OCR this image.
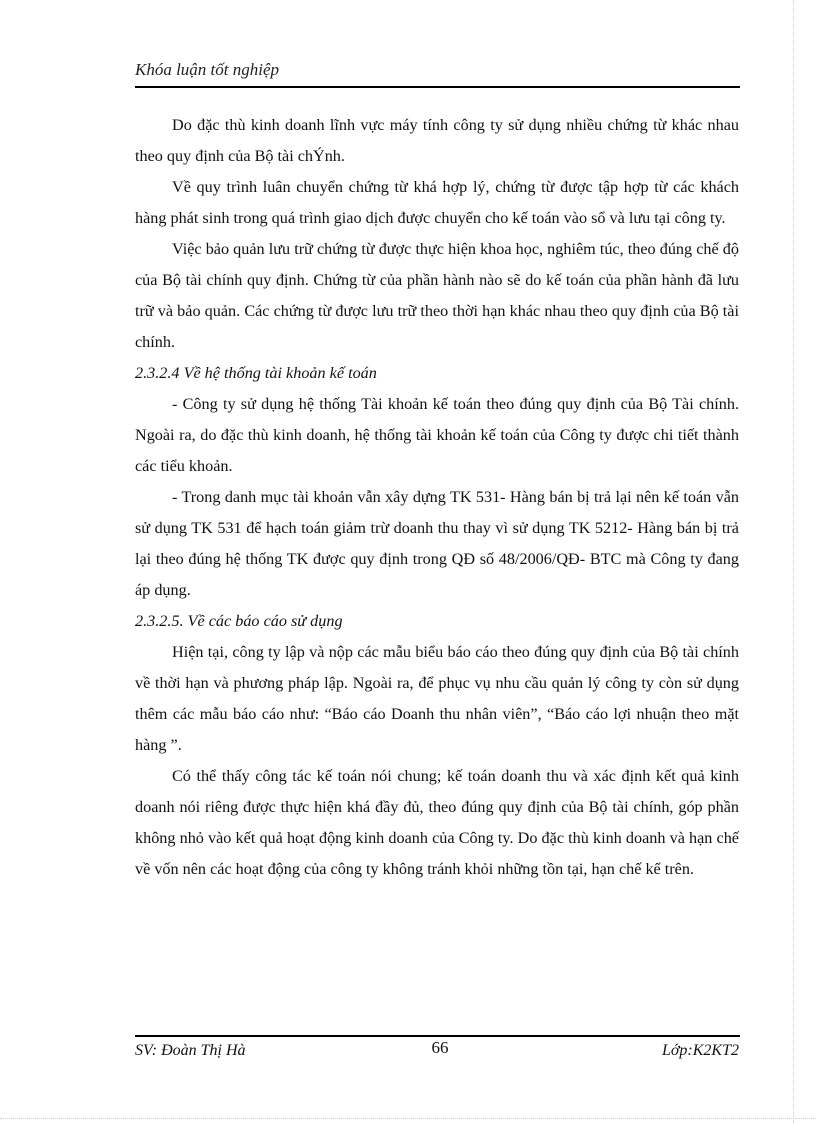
Khóa luận tốt nghiệp

Do đặc thù kinh doanh lĩnh vực máy tính công ty sử dụng nhiều chứng từ khác nhau theo quy định của Bộ tài chÝnh.

Về quy trình luân chuyển chứng từ khá hợp lý, chứng từ được tập hợp từ các khách hàng phát sinh trong quá trình giao dịch được chuyển cho kế toán vào sổ và lưu tại công ty.

Việc bảo quản lưu trữ chứng từ được thực hiện khoa học, nghiêm túc, theo đúng chế độ của Bộ tài chính quy định. Chứng từ của phần hành nào sẽ do kế toán của phần hành đã lưu trữ và bảo quản. Các chứng từ được lưu trữ theo thời hạn khác nhau theo quy định của Bộ tài chính.

2.3.2.4 Về hệ thống tài khoản kế toán

- Công ty sử dụng hệ thống Tài khoản kế toán theo đúng quy định của Bộ Tài chính. Ngoài ra, do đặc thù kinh doanh, hệ thống tài khoản kế toán của Công ty được chi tiết thành các tiểu khoản.

- Trong danh mục tài khoản vẫn xây dựng TK 531- Hàng bán bị trả lại nên kế toán vẫn sử dụng TK 531 để hạch toán giảm trừ doanh thu thay vì sử dụng TK 5212- Hàng bán bị trả lại theo đúng hệ thống TK được quy định trong QĐ số 48/2006/QĐ- BTC mà Công ty đang áp dụng.

2.3.2.5. Về các báo cáo sử dụng

Hiện tại, công ty lập và nộp các mẫu biểu báo cáo theo đúng quy định của Bộ tài chính về thời hạn và phương pháp lập. Ngoài ra, để phục vụ nhu cầu quản lý công ty còn sử dụng thêm các mẫu báo cáo như: “Báo cáo Doanh thu nhân viên”, “Báo cáo lợi nhuận theo mặt hàng ”.

Có thể thấy công tác kế toán nói chung; kế toán doanh thu và xác định kết quả kinh doanh nói riêng được thực hiện khá đầy đủ, theo đúng quy định của Bộ tài chính, góp phần không nhỏ vào kết quả hoạt động kinh doanh của Công ty. Do đặc thù kinh doanh và hạn chế về vốn nên các hoạt động của công ty không tránh khỏi những tồn tại, hạn chế kể trên.

SV: Đoàn Thị Hà	66	Lớp:K2KT2
